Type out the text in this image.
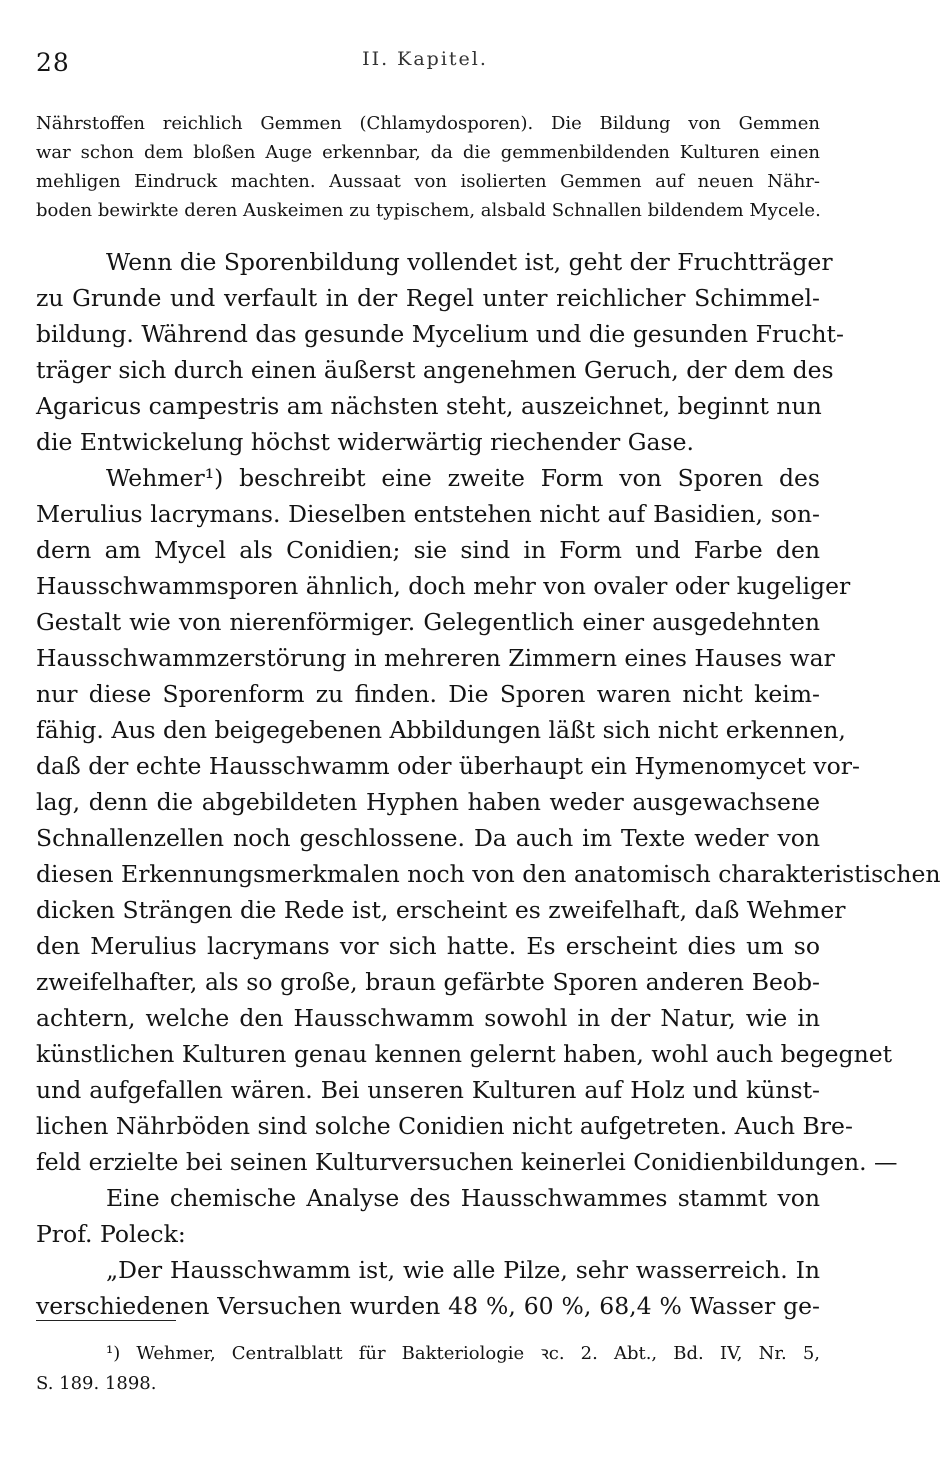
28	II. Kapitel.
Nährstoffen reichlich Gemmen (Chlamydosporen). Die Bildung von Gemmen
war schon dem bloßen Auge erkennbar, da die gemmenbildenden Kulturen einen
mehligen Eindruck machten. Aussaat von isolierten Gemmen auf neuen Nähr-
boden bewirkte deren Auskeimen zu typischem, alsbald Schnallen bildendem Mycele.
Wenn die Sporenbildung vollendet ist, geht der Fruchtträger
zu Grunde und verfault in der Regel unter reichlicher Schimmel-
bildung. Während das gesunde Mycelium und die gesunden Frucht-
träger sich durch einen äußerst angenehmen Geruch, der dem des
Agaricus campestris am nächsten steht, auszeichnet, beginnt nun
die Entwickelung höchst widerwärtig riechender Gase.
Wehmer¹) beschreibt eine zweite Form von Sporen des
Merulius lacrymans. Dieselben entstehen nicht auf Basidien, son-
dern am Mycel als Conidien; sie sind in Form und Farbe den
Hausschwammsporen ähnlich, doch mehr von ovaler oder kugeliger
Gestalt wie von nierenförmiger. Gelegentlich einer ausgedehnten
Hausschwammzerstörung in mehreren Zimmern eines Hauses war
nur diese Sporenform zu finden. Die Sporen waren nicht keim-
fähig. Aus den beigegebenen Abbildungen läßt sich nicht erkennen,
daß der echte Hausschwamm oder überhaupt ein Hymenomycet vor-
lag, denn die abgebildeten Hyphen haben weder ausgewachsene
Schnallenzellen noch geschlossene. Da auch im Texte weder von
diesen Erkennungsmerkmalen noch von den anatomisch charakteristischen
dicken Strängen die Rede ist, erscheint es zweifelhaft, daß Wehmer
den Merulius lacrymans vor sich hatte. Es erscheint dies um so
zweifelhafter, als so große, braun gefärbte Sporen anderen Beob-
achtern, welche den Hausschwamm sowohl in der Natur, wie in
künstlichen Kulturen genau kennen gelernt haben, wohl auch begegnet
und aufgefallen wären. Bei unseren Kulturen auf Holz und künst-
lichen Nährböden sind solche Conidien nicht aufgetreten. Auch Bre-
feld erzielte bei seinen Kulturversuchen keinerlei Conidienbildungen. —
Eine chemische Analyse des Hausschwammes stammt von
Prof. Poleck:
„Der Hausschwamm ist, wie alle Pilze, sehr wasserreich. In
verschiedenen Versuchen wurden 48 %, 60 %, 68,4 % Wasser ge-
¹) Wehmer, Centralblatt für Bakteriologie ꝛc. 2. Abt., Bd. IV, Nr. 5,
S. 189. 1898.
